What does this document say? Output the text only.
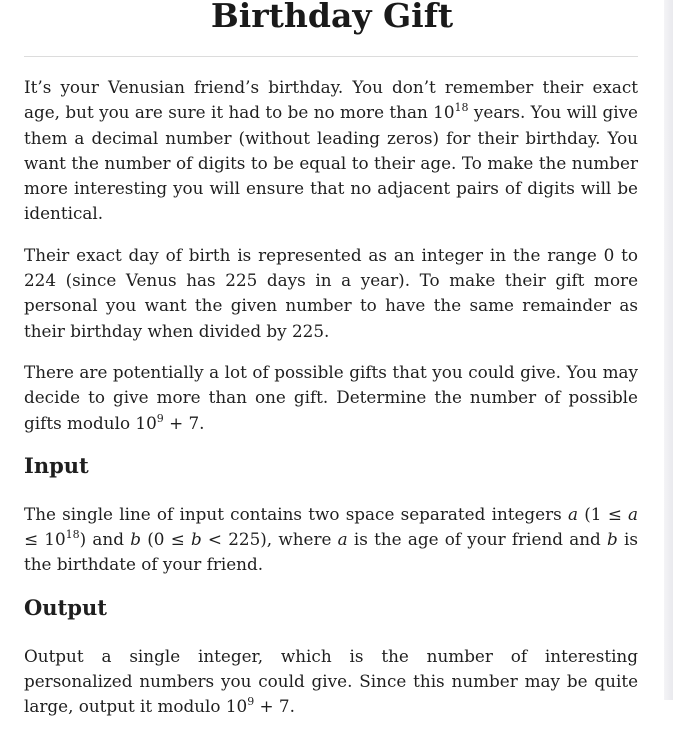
Birthday Gift

It’s your Venusian friend’s birthday. You don’t remember their exact age, but you are sure it had to be no more than $10^{18}$ years. You will give them a decimal number (without leading zeros) for their birthday. You want the number of digits to be equal to their age. To make the number more interesting you will ensure that no adjacent pairs of digits will be identical.

Their exact day of birth is represented as an integer in the range 0 to 224 (since Venus has 225 days in a year). To make their gift more personal you want the given number to have the same remainder as their birthday when divided by 225.

There are potentially a lot of possible gifts that you could give. You may decide to give more than one gift. Determine the number of possible gifts modulo $10^9 + 7$.

Input

The single line of input contains two space separated integers a $(1 \le a \le 10^{18})$ and b (0 ≤ b < 225), where a is the age of your friend and b is the birthdate of your friend.

Output

Output a single integer, which is the number of interesting personalized numbers you could give. Since this number may be quite large, output it modulo $10^9 + 7$.
